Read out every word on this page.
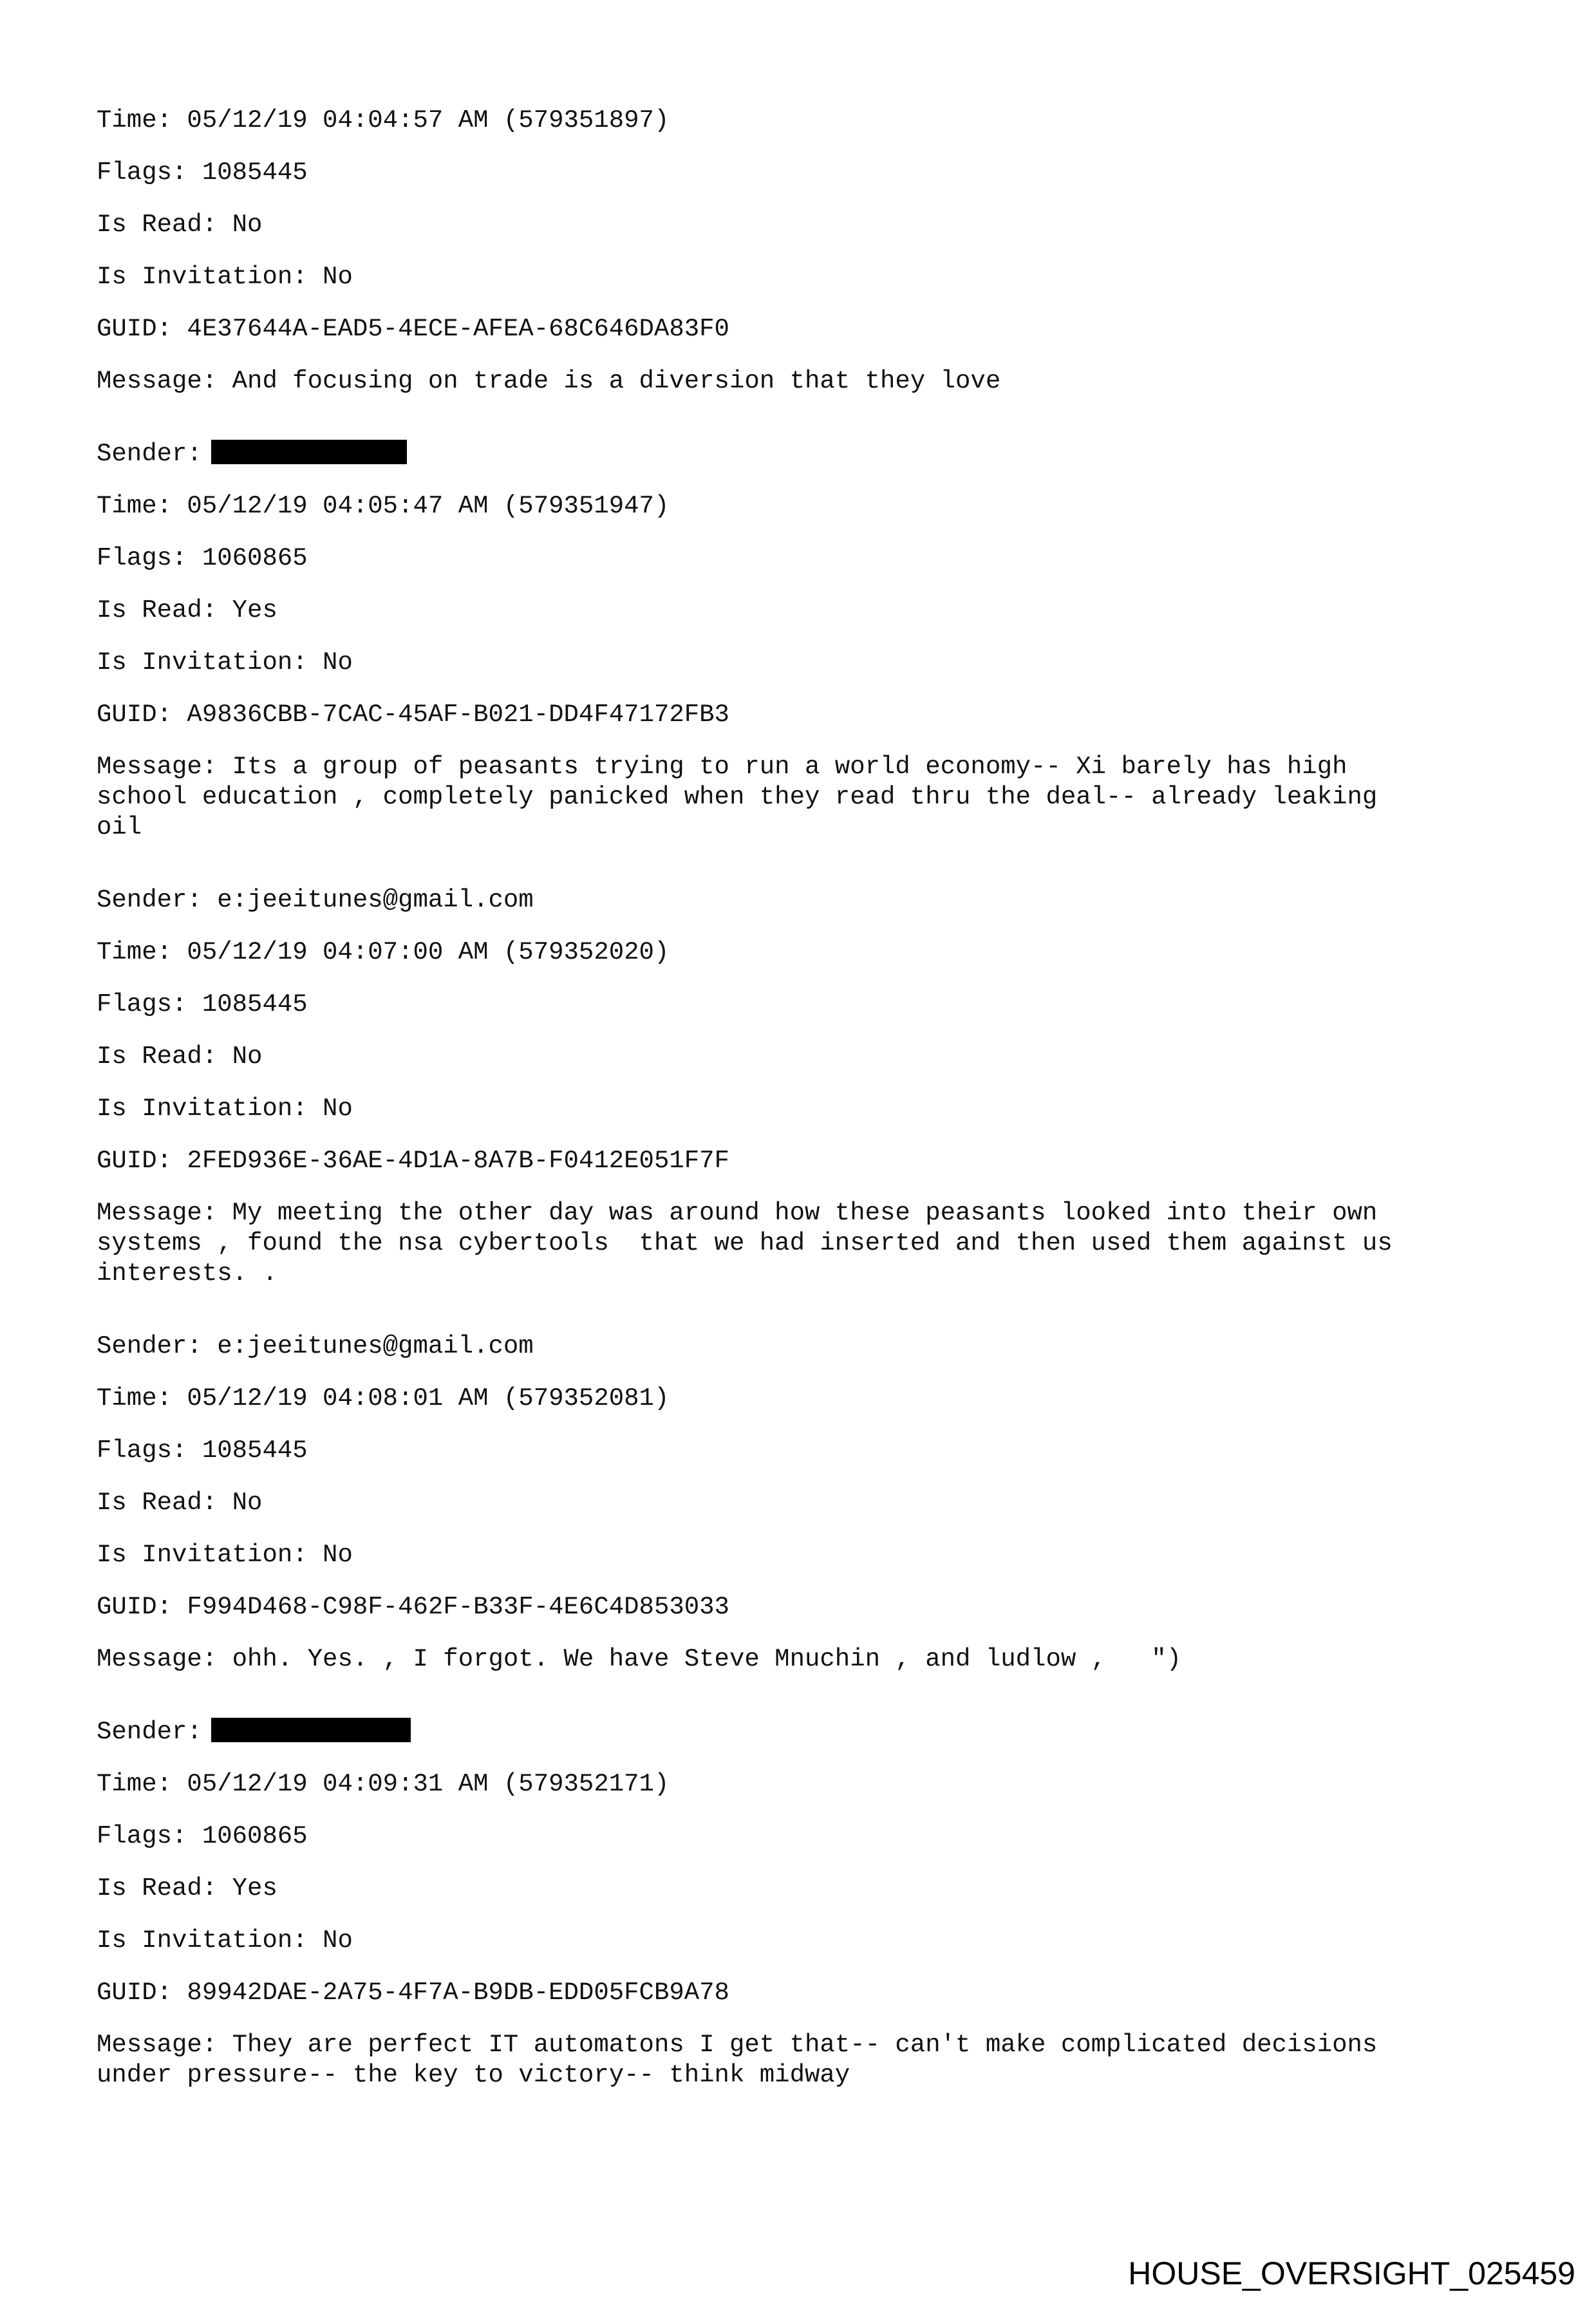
Time: 05/12/19 04:04:57 AM (579351897)

Flags: 1085445

Is Read: No

Is Invitation: No

GUID: 4E37644A-EAD5-4ECE-AFEA-68C646DA83F0

Message: And focusing on trade is a diversion that they love

Sender:

Time: 05/12/19 04:05:47 AM (579351947)

Flags: 1060865

Is Read: Yes

Is Invitation: No

GUID: A9836CBB-7CAC-45AF-B021-DD4F47172FB3

Message: Its a group of peasants trying to run a world economy-- Xi barely has high

school education , completely panicked when they read thru the deal-- already leaking

oil

Sender: e:jeeitunes@gmail.com

Time: 05/12/19 04:07:00 AM (579352020)

Flags: 1085445

Is Read: No

Is Invitation: No

GUID: 2FED936E-36AE-4D1A-8A7B-F0412E051F7F

Message: My meeting the other day was around how these peasants looked into their own

systems , found the nsa cybertools  that we had inserted and then used them against us

interests. .

Sender: e:jeeitunes@gmail.com

Time: 05/12/19 04:08:01 AM (579352081)

Flags: 1085445

Is Read: No

Is Invitation: No

GUID: F994D468-C98F-462F-B33F-4E6C4D853033

Message: ohh. Yes. , I forgot. We have Steve Mnuchin , and ludlow ,   ")

Sender:

Time: 05/12/19 04:09:31 AM (579352171)

Flags: 1060865

Is Read: Yes

Is Invitation: No

GUID: 89942DAE-2A75-4F7A-B9DB-EDD05FCB9A78

Message: They are perfect IT automatons I get that-- can't make complicated decisions

under pressure-- the key to victory-- think midway

HOUSE_OVERSIGHT_025459
